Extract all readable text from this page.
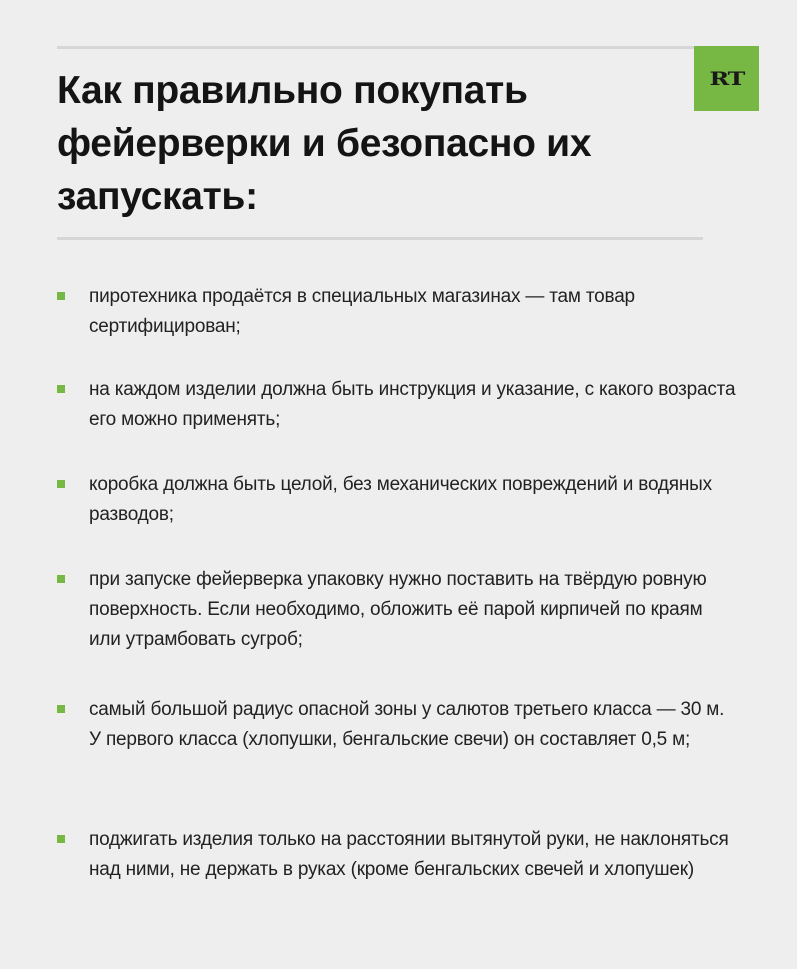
RT
Как правильно покупать фейерверки и безопасно их запускать:
пиротехника продаётся в специальных магазинах — там товар сертифицирован;
на каждом изделии должна быть инструкция и указание, с какого возраста его можно применять;
коробка должна быть целой, без механических повреждений и водяных разводов;
при запуске фейерверка упаковку нужно поставить на твёрдую ровную поверхность. Если необходимо, обложить её парой кирпичей по краям или утрамбовать сугроб;
самый большой радиус опасной зоны у салютов третьего класса — 30 м. У первого класса (хлопушки, бенгальские свечи) он составляет 0,5 м;
поджигать изделия только на расстоянии вытянутой руки, не наклоняться над ними, не держать в руках (кроме бенгальских свечей и хлопушек)
